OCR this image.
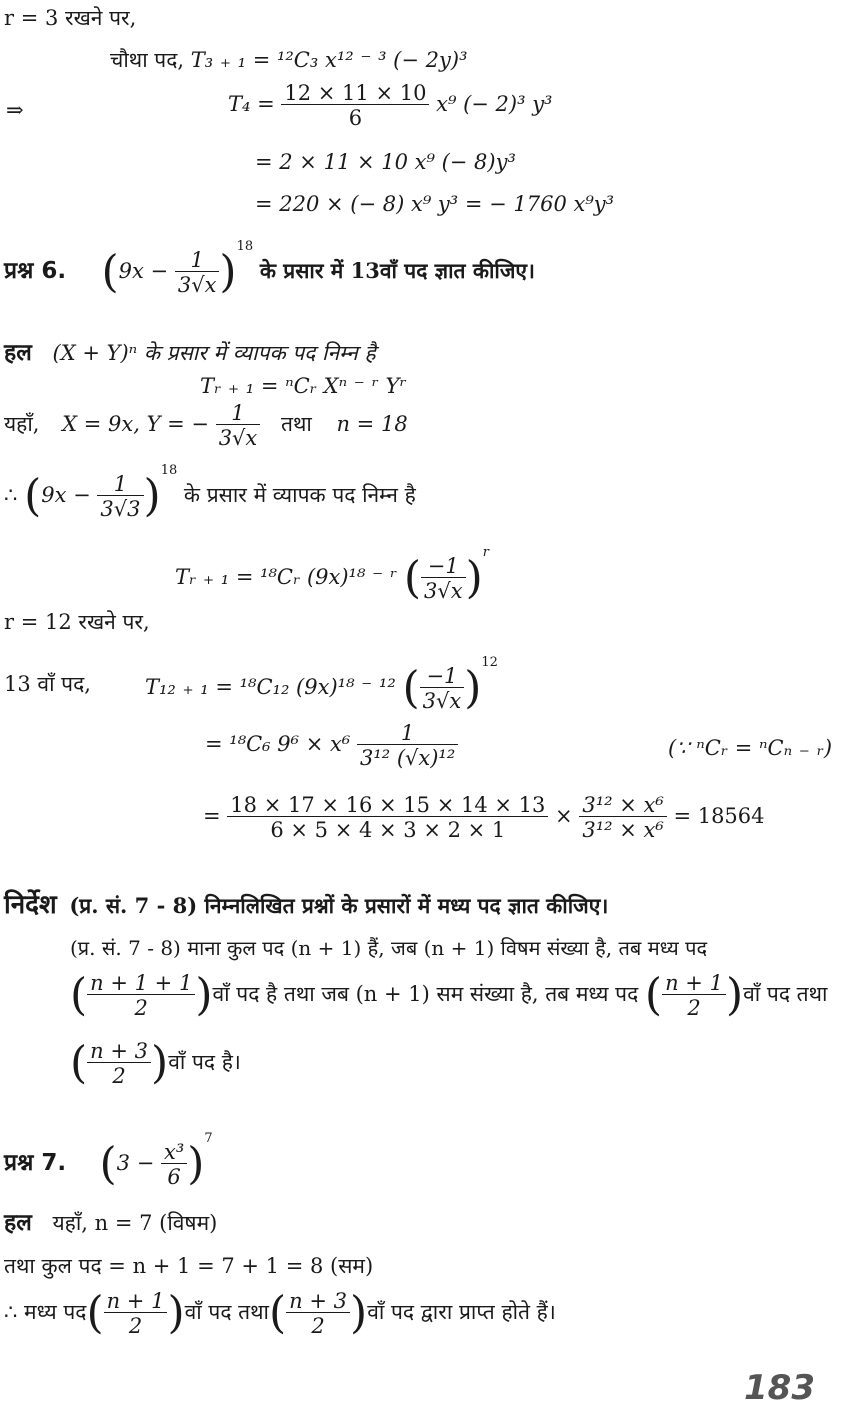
r = 3 रखने पर,
चौथा पद, T₃ ₊ ₁ = ¹²C₃ x¹² ⁻ ³ (− 2y)³
⇒	$T_4 = \frac{12 \times 11 \times 10}{6} x^9$ (− 2)³ y³
= 2 × 11 × 10 x⁹ (− 8)y³
= 220 × (− 8) x⁹ y³ = − 1760 x⁹y³
प्रश्न 6. $(9x - \frac{1}{3√x} )^{18}$ के प्रसार में 13वाँ पद ज्ञात कीजिए।
हल (X + Y)ⁿ के प्रसार में व्यापक पद निम्न है
Tᵣ ₊ ₁ = ⁿCᵣ Xⁿ ⁻ ʳ Yʳ
यहाँ, X = 9x, Y = − $\frac{1}{3√x}$ तथा n = 18
∴ $(9x - \frac{1}{3√3} )^{18}$ के प्रसार में व्यापक पद निम्न है
Tᵣ ₊ ₁ = ¹⁸Cᵣ (9x)¹⁸ ⁻ ʳ ( $\frac{-1}{3√x} )^r$
r = 12 रखने पर,
13 वाँ पद,	T₁₂ ₊ ₁ = ¹⁸C₁₂ (9x)¹⁸ ⁻ ¹² ( $\frac{-1}{3√x} )^{12}$
= ¹⁸C₆ $9^6 \times x^6 \frac{1}{\text{3¹² (√x)¹²}}$	(∵ ⁿCᵣ = ⁿCₙ ₋ ᵣ)
= $\frac{18 \times 17 \times 16 \times 15 \times 14 \times 13}{6 \times 5 \times 4 \times 3 \times 2 \times 1} \times \frac{\text{3¹² × x⁶}}{\text{3¹² × x⁶}} = 18564$
निर्देश (प्र. सं. 7 - 8) निम्नलिखित प्रश्नों के प्रसारों में मध्य पद ज्ञात कीजिए।
(प्र. सं. 7 - 8) माना कुल पद (n + 1) हैं, जब (n + 1) विषम संख्या है, तब मध्य पद
( $\frac{n + 1 + 1}{2}$ )वाँ पद है तथा जब (n + 1) सम संख्या है, तब मध्य पद ( $\frac{n + 1}{2}$ )वाँ पद तथा
( $\frac{n + 3}{2}$ )वाँ पद है।
प्रश्न 7. $(3 - \frac{\text{x³}}{6} )^7$
हल यहाँ, n = 7 (विषम)
तथा कुल पद = n + 1 = 7 + 1 = 8 (सम)
∴ मध्य पद( $\frac{n + 1}{2}$ )वाँ पद तथा( $\frac{n + 3}{2}$ )वाँ पद द्वारा प्राप्त होते हैं।
183
